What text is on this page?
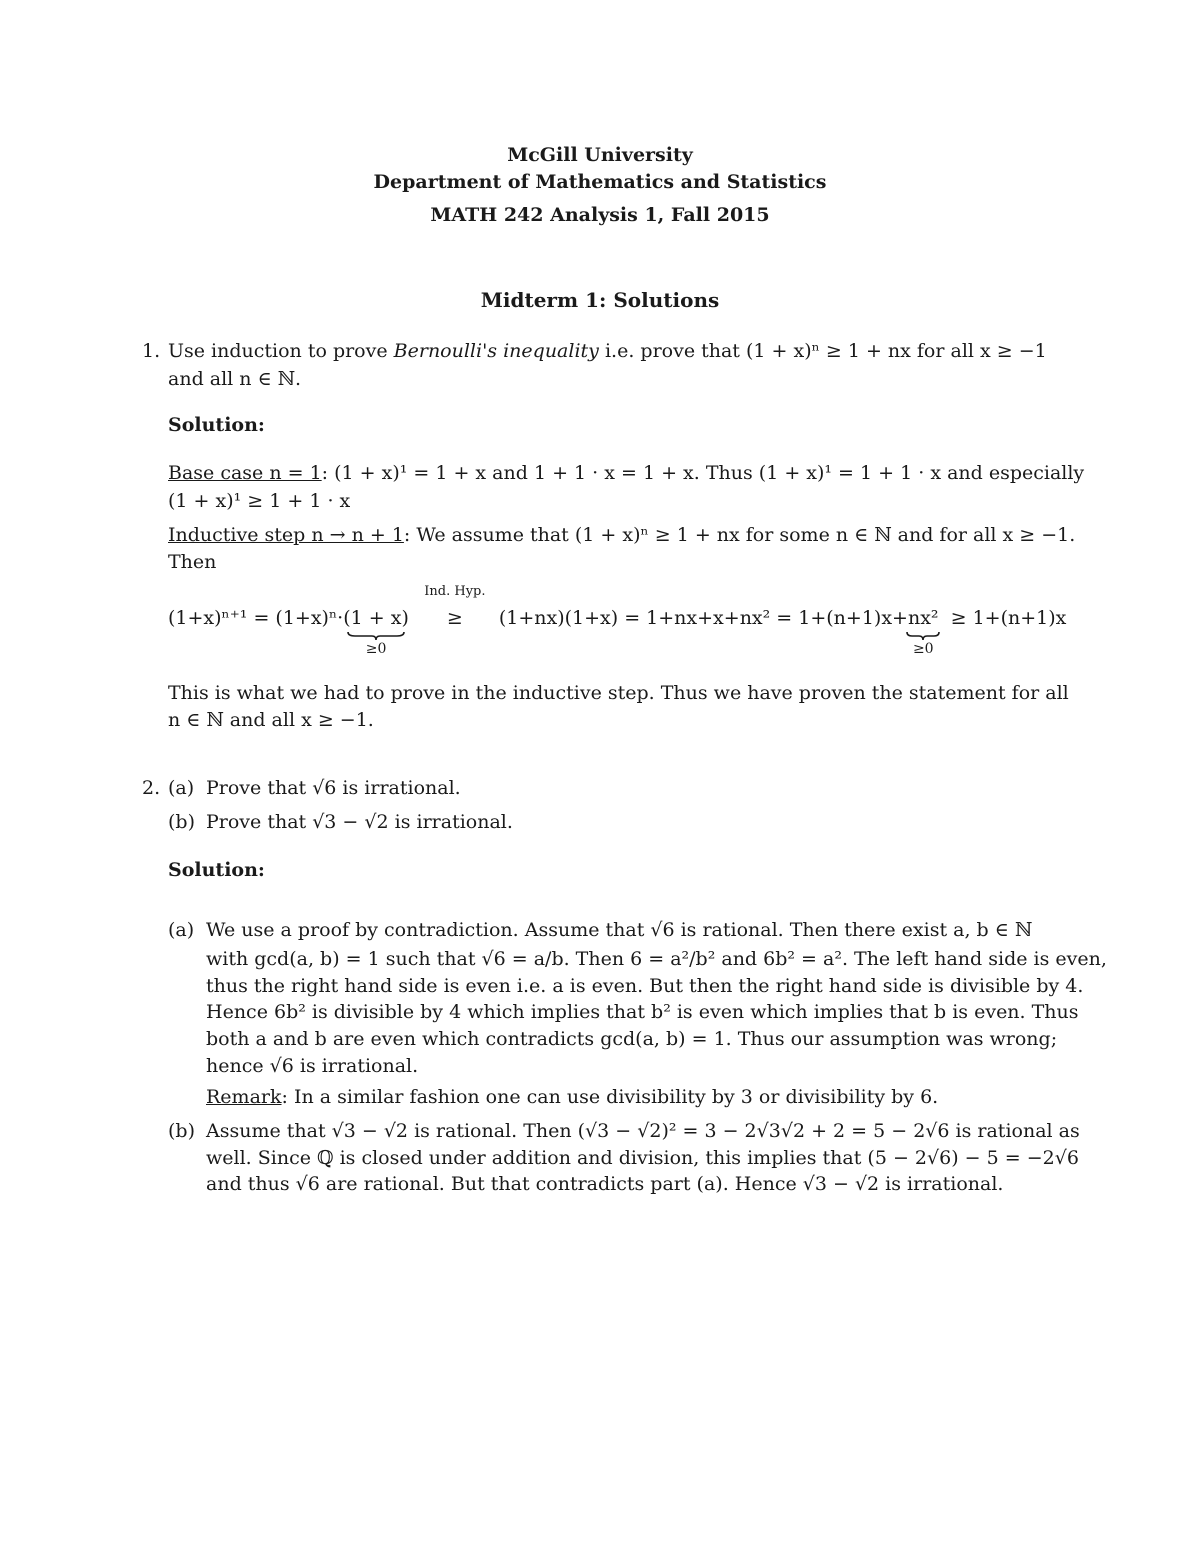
McGill University
Department of Mathematics and Statistics
MATH 242 Analysis 1, Fall 2015
Midterm 1: Solutions
1. Use induction to prove Bernoulli's inequality i.e. prove that (1 + x)ⁿ ≥ 1 + nx for all x ≥ −1
and all n ∈ ℕ.
Solution:
Base case n = 1: (1 + x)¹ = 1 + x and 1 + 1 · x = 1 + x. Thus (1 + x)¹ = 1 + 1 · x and especially
(1 + x)¹ ≥ 1 + 1 · x
Inductive step n → n + 1: We assume that (1 + x)ⁿ ≥ 1 + nx for some n ∈ ℕ and for all x ≥ −1.
Then
(1+x)ⁿ⁺¹ = (1+x)ⁿ·(1 + x)
≥0

Ind. Hyp.
≥ (1+nx)(1+x) = 1+nx+x+nx² = 1+(n+1)x+nx²
≥0
≥ 1+(n+1)x
This is what we had to prove in the inductive step. Thus we have proven the statement for all
n ∈ ℕ and all x ≥ −1.
2. (a) Prove that √6 is irrational.
(b) Prove that √3 − √2 is irrational.
Solution:
(a) We use a proof by contradiction. Assume that √6 is rational. Then there exist a, b ∈ ℕ
with gcd(a, b) = 1 such that √6 = a/b. Then 6 = a²/b² and 6b² = a². The left hand side is even,
thus the right hand side is even i.e. a is even. But then the right hand side is divisible by 4.
Hence 6b² is divisible by 4 which implies that b² is even which implies that b is even. Thus
both a and b are even which contradicts gcd(a, b) = 1. Thus our assumption was wrong;
hence √6 is irrational.
Remark: In a similar fashion one can use divisibility by 3 or divisibility by 6.
(b) Assume that √3 − √2 is rational. Then (√3 − √2)² = 3 − 2√3√2 + 2 = 5 − 2√6 is rational as
well. Since ℚ is closed under addition and division, this implies that (5 − 2√6) − 5 = −2√6
and thus √6 are rational. But that contradicts part (a). Hence √3 − √2 is irrational.
